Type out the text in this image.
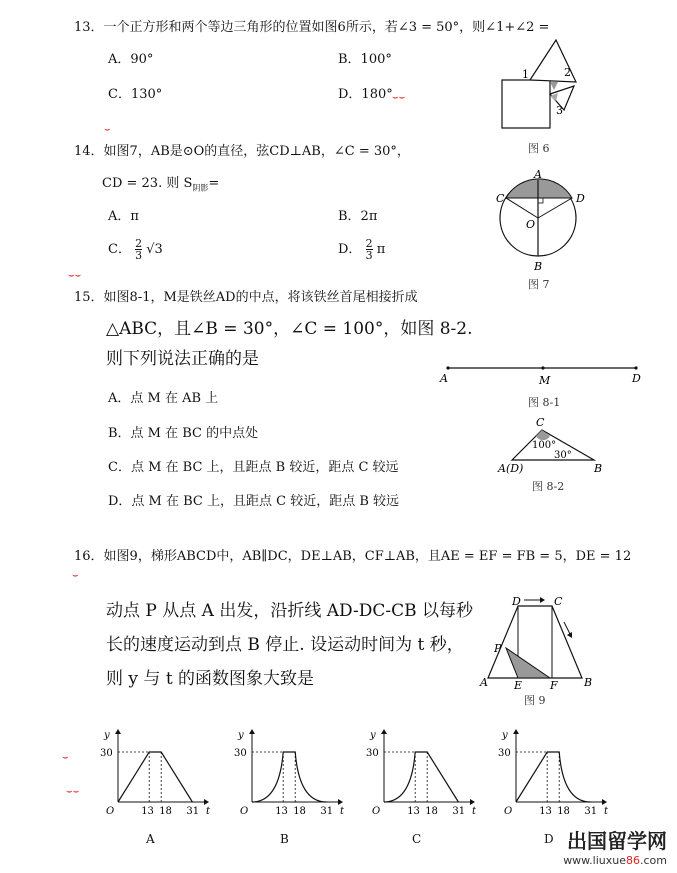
13．一个正方形和两个等边三角形的位置如图6所示，若∠3 = 50°，则∠1+∠2 =
A．90°	B．100°
C．130°	D．180° ⌣⌣
⌣
1	2
3
图 6
14．如图7，AB是⊙O的直径，弦CD⊥AB，∠C = 30°，
CD = 23. 则 $S_{阴影}=$
A．π	B．2π
C． $\frac{2}{3} √3$	D． $\frac{2}{3}$ π
⌣⌣
A
C	D
O
B
图 7
15．如图8-1，M是铁丝AD的中点，将该铁丝首尾相接折成
△ABC，且∠B = 30°，∠C = 100°，如图 8-2.
则下列说法正确的是
A．点 M 在 AB 上
B．点 M 在 BC 的中点处
C．点 M 在 BC 上，且距点 B 较近，距点 C 较远
D．点 M 在 BC 上，且距点 C 较近，距点 B 较远
A	M	D
图 8-1
C
100°
30°
A(D)	B
图 8-2
16．如图9，梯形ABCD中，AB∥DC，DE⊥AB，CF⊥AB，且AE = EF = FB = 5，DE = 12
⌣
动点 P 从点 A 出发，沿折线 AD-DC-CB 以每秒
长的速度运动到点 B 停止. 设运动时间为 t 秒，
则 y 与 t 的函数图象大致是
D	C
P
A E	F B
图 9
⌣
⌣⌣
y
t
O
30
13 18 31
A
y
t
O
30
13 18 31
B
y
t
O
30
13 18 31
C
y
t
O
30
13 18 31
D 出国留学网
www.liuxue86.com
